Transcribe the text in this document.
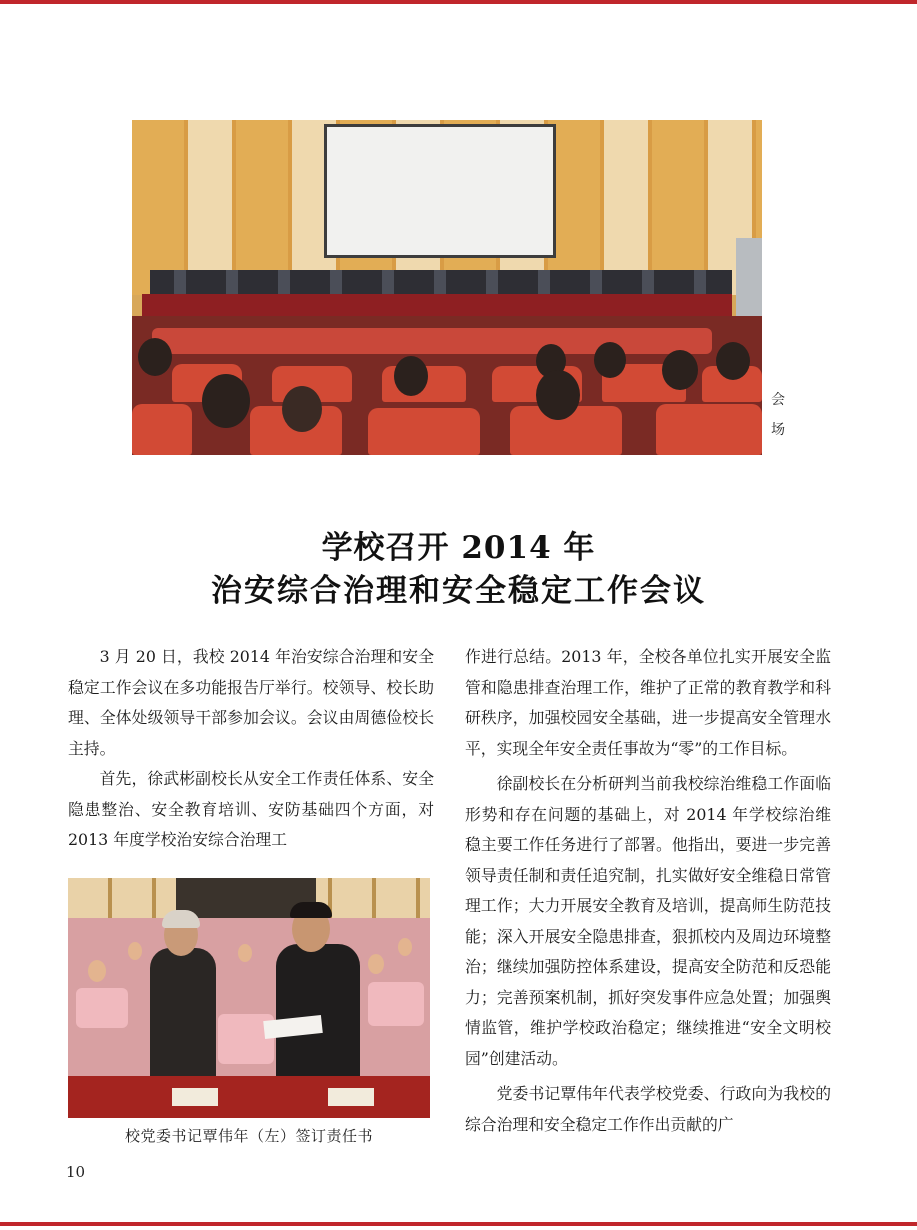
会
场
学校召开 2014 年
治安综合治理和安全稳定工作会议

3 月 20 日，我校 2014 年治安综合治理和安全稳定工作会议在多功能报告厅举行。校领导、校长助理、全体处级领导干部参加会议。会议由周德俭校长主持。

首先，徐武彬副校长从安全工作责任体系、安全隐患整治、安全教育培训、安防基础四个方面，对 2013 年度学校治安综合治理工

作进行总结。2013 年，全校各单位扎实开展安全监管和隐患排查治理工作，维护了正常的教育教学和科研秩序，加强校园安全基础，进一步提高安全管理水平，实现全年安全责任事故为“零”的工作目标。

徐副校长在分析研判当前我校综治维稳工作面临形势和存在问题的基础上，对 2014 年学校综治维稳主要工作任务进行了部署。他指出，要进一步完善领导责任制和责任追究制，扎实做好安全维稳日常管理工作；大力开展安全教育及培训，提高师生防范技能；深入开展安全隐患排查，狠抓校内及周边环境整治；继续加强防控体系建设，提高安全防范和反恐能力；完善预案机制，抓好突发事件应急处置；加强舆情监管，维护学校政治稳定；继续推进“安全文明校园”创建活动。

党委书记覃伟年代表学校党委、行政向为我校的综合治理和安全稳定工作作出贡献的广

校党委书记覃伟年（左）签订责任书
10
